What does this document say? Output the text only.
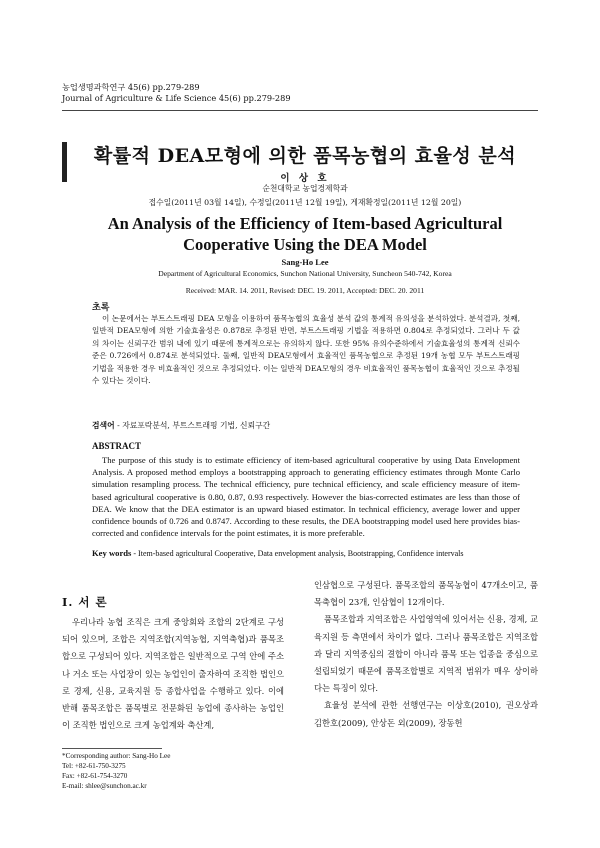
농업생명과학연구 45(6) pp.279-289
Journal of Agriculture & Life Science 45(6) pp.279-289
확률적 DEA모형에 의한 품목농협의 효율성 분석
이 상 호
순천대학교 농업경제학과
접수일(2011년 03월 14일), 수정일(2011년 12월 19일), 게재확정일(2011년 12월 20일)
An Analysis of the Efficiency of Item-based Agricultural Cooperative Using the DEA Model
Sang-Ho Lee
Department of Agricultural Economics, Sunchon National University, Suncheon 540-742, Korea
Received: MAR. 14. 2011, Revised: DEC. 19. 2011, Accepted: DEC. 20. 2011
초록
이 논문에서는 부트스트래핑 DEA 모형을 이용하여 품목농협의 효율성 분석 값의 통계적 유의성을 분석하였다. 분석결과, 첫째, 일반적 DEA모형에 의한 기술효율성은 0.878로 추정된 반면, 부트스트래핑 기법을 적용하면 0.804로 추정되었다. 그러나 두 값의 차이는 신뢰구간 범위 내에 있기 때문에 통계적으로는 유의하지 않다. 또한 95% 유의수준하에서 기술효율성의 통계적 신뢰수준은 0.726에서 0.874로 분석되었다. 둘째, 일반적 DEA모형에서 효율적인 품목농협으로 추정된 19개 농협 모두 부트스트래핑 기법을 적용한 경우 비효율적인 것으로 추정되었다. 이는 일반적 DEA모형의 경우 비효율적인 품목농협이 효율적인 것으로 추정될 수 있다는 것이다.
검색어 - 자료포락분석, 부트스트래핑 기법, 신뢰구간
ABSTRACT
The purpose of this study is to estimate efficiency of item-based agricultural cooperative by using Data Envelopment Analysis. A proposed method employs a bootstrapping approach to generating efficiency estimates through Monte Carlo simulation resampling process. The technical efficiency, pure technical efficiency, and scale efficiency measure of item-based agricultural cooperative is 0.80, 0.87, 0.93 respectively. However the bias-corrected estimates are less than those of DEA. We know that the DEA estimator is an upward biased estimator. In technical efficiency, average lower and upper confidence bounds of 0.726 and 0.8747. According to these results, the DEA bootstrapping model used here provides bias-corrected and confidence intervals for the point estimates, it is more preferable.
Key words - Item-based agricultural Cooperative, Data envelopment analysis, Bootstrapping, Confidence intervals
I. 서 론
우리나라 농협 조직은 크게 중앙회와 조합의 2단계로 구성되어 있으며, 조합은 지역조합(지역농협, 지역축협)과 품목조합으로 구성되어 있다. 지역조합은 일반적으로 구역 안에 주소나 거소 또는 사업장이 있는 농업인이 출자하여 조직한 법인으로 경제, 신용, 교육지원 등 종합사업을 수행하고 있다. 이에 반해 품목조합은 품목별로 전문화된 농업에 종사하는 농업인이 조직한 법인으로 크게 농업계와 축산계,

인삼협으로 구성된다. 품목조합의 품목농협이 47개소이고, 품목축협이 23개, 인삼협이 12개이다.

품목조합과 지역조합은 사업영역에 있어서는 신용, 경제, 교육지원 등 측면에서 차이가 없다. 그러나 품목조합은 지역조합과 달리 지역중심의 결합이 아니라 품목 또는 업종을 중심으로 설립되었기 때문에 품목조합별로 지역적 범위가 매우 상이하다는 특징이 있다.

효율성 분석에 관한 선행연구는 이상호(2010), 권오상과 김한호(2009), 안상돈 외(2009), 장동헌

*Corresponding author: Sang-Ho Lee
Tel: +82-61-750-3275
Fax: +82-61-754-3270
E-mail: shlee@sunchon.ac.kr
